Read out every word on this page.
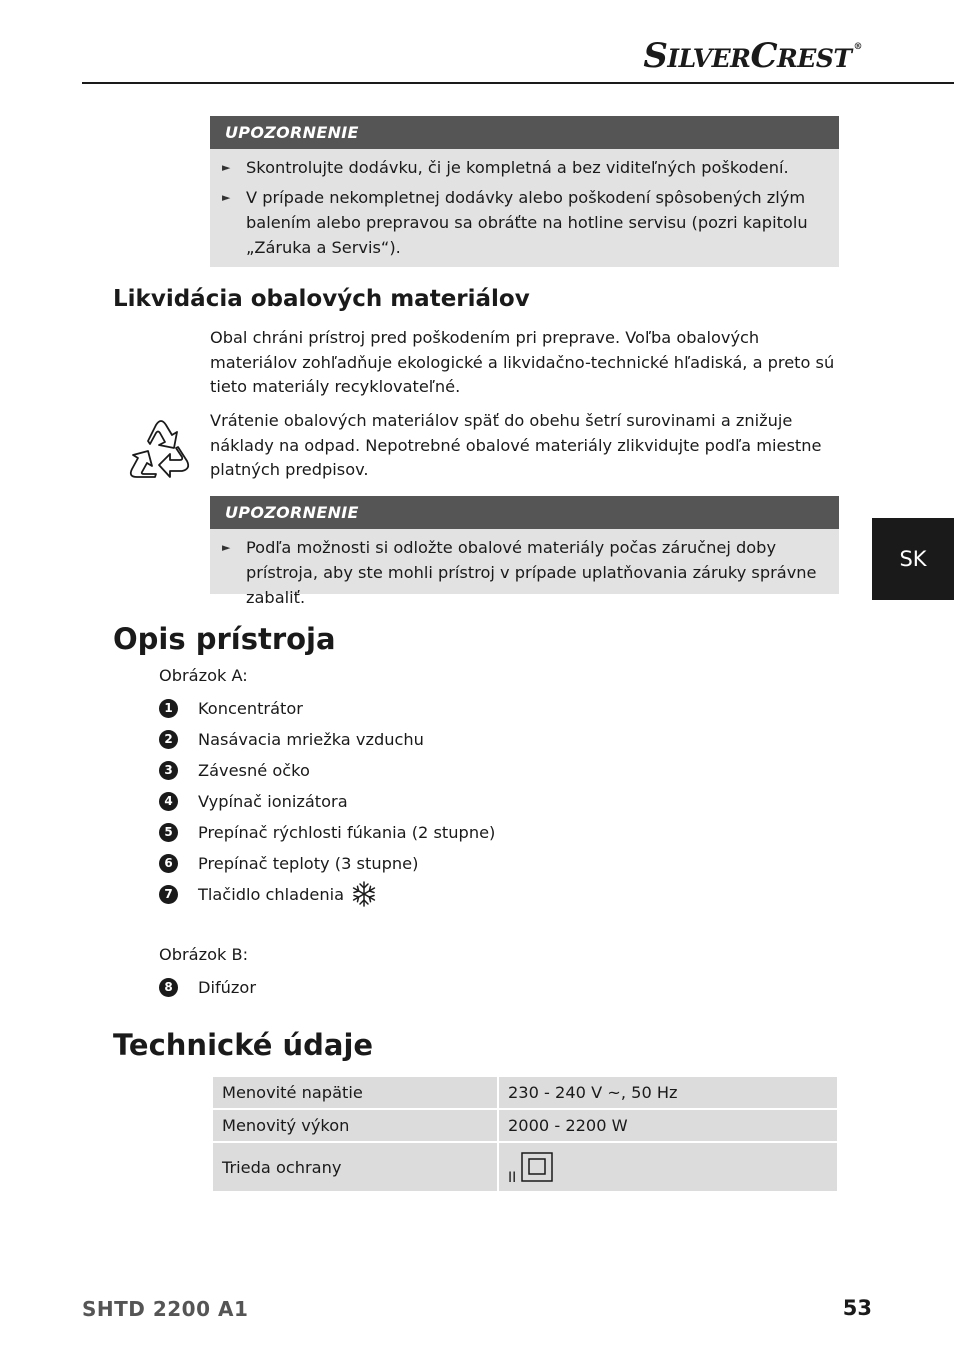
SILVERCREST ®
SK
UPOZORNENIE
► Skontrolujte dodávku, či je kompletná a bez viditeľných poškodení.
► V prípade nekompletnej dodávky alebo poškodení spôsobených zlým balením alebo prepravou sa obráťte na hotline servisu (pozri kapitolu „Záruka a Servis“).
Likvidácia obalových materiálov

Obal chráni prístroj pred poškodením pri preprave. Voľba obalových materiálov zohľadňuje ekologické a likvidačno-technické hľadiská, a preto sú tieto materiály recyklovateľné.

Vrátenie obalových materiálov späť do obehu šetrí surovinami a znižuje náklady na odpad. Nepotrebné obalové materiály zlikvidujte podľa miestne platných predpisov.

UPOZORNENIE
► Podľa možnosti si odložte obalové materiály počas záručnej doby prístroja, aby ste mohli prístroj v prípade uplatňovania záruky správne zabaliť.
Opis prístroja
Obrázok A:
1	Koncentrátor
2	Nasávacia mriežka vzduchu
3	Závesné očko
4	Vypínač ionizátora
5	Prepínač rýchlosti fúkania (2 stupne)
6	Prepínač teploty (3 stupne)
7	Tlačidlo chladenia
Obrázok B:
8	Difúzor
Technické údaje
Menovité napätie	230 - 240 V ~, 50 Hz
Menovitý výkon	2000 - 2200 W
Trieda ochrany	II
SHTD 2200 A1	53
